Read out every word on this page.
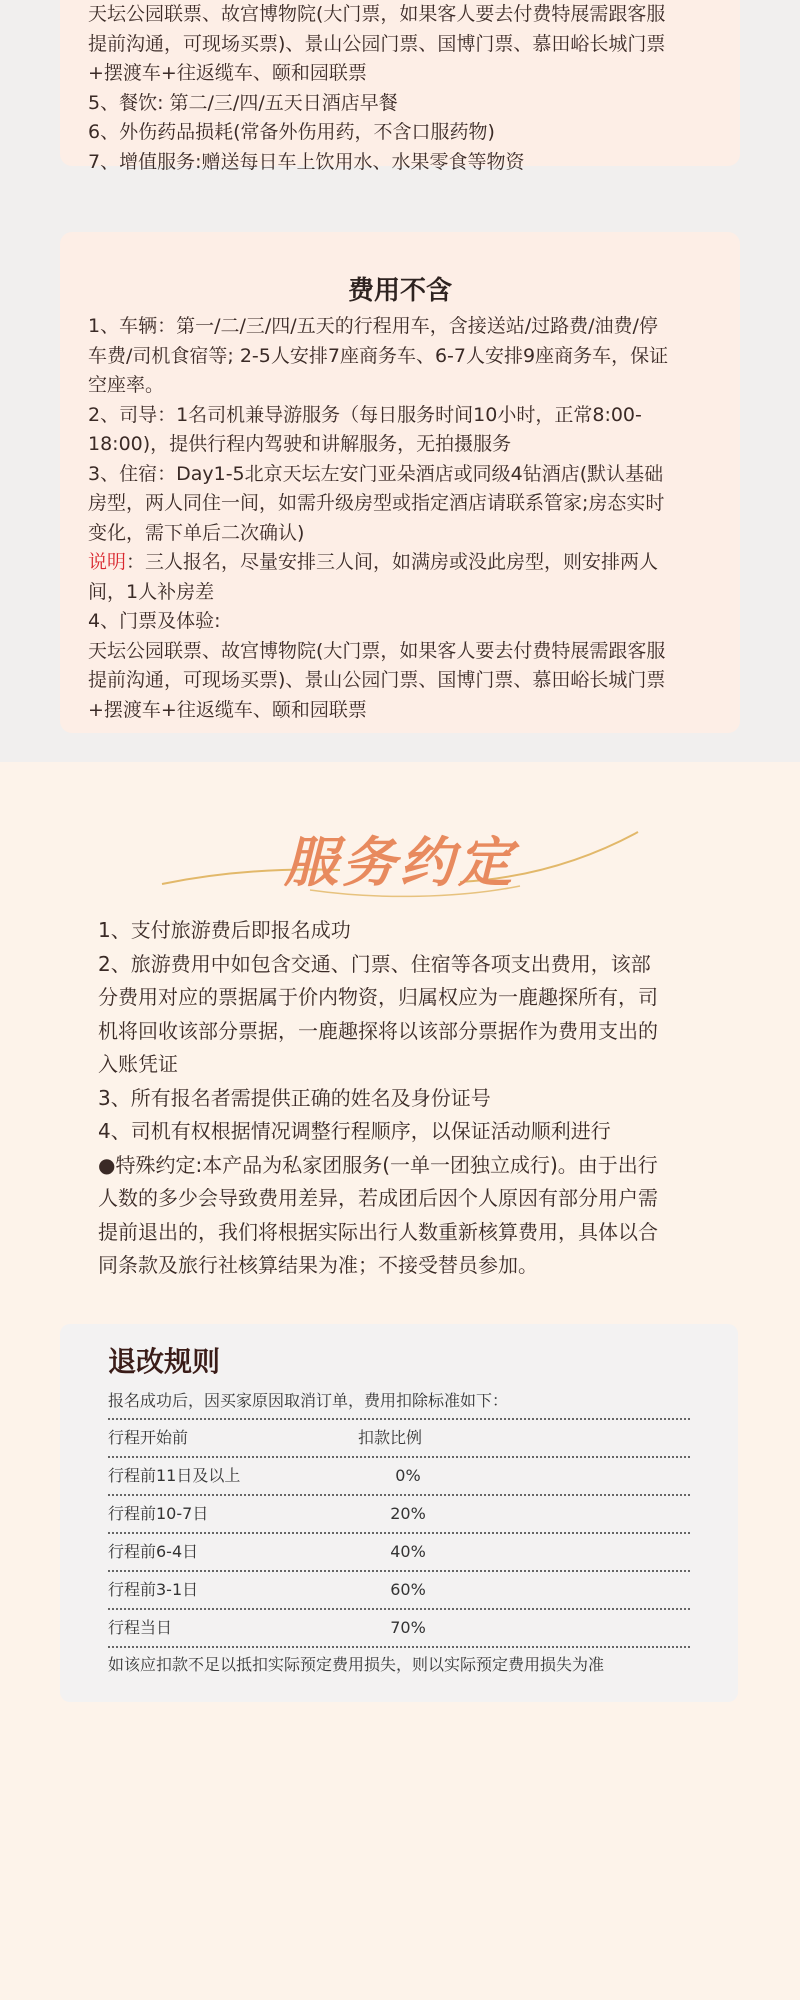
天坛公园联票、故宫博物院(大门票，如果客人要去付费特展需跟客服
提前沟通，可现场买票)、景山公园门票、国博门票、慕田峪长城门票
+摆渡车+往返缆车、颐和园联票
5、餐饮: 第二/三/四/五天日酒店早餐
6、外伤药品损耗(常备外伤用药，不含口服药物)
7、增值服务:赠送每日车上饮用水、水果零食等物资
费用不含
1、车辆：第一/二/三/四/五天的行程用车，含接送站/过路费/油费/停
车费/司机食宿等; 2-5人安排7座商务车、6-7人安排9座商务车，保证
空座率。
2、司导：1名司机兼导游服务（每日服务时间10小时，正常8:00-
18:00)，提供行程内驾驶和讲解服务，无拍摄服务
3、住宿：Day1-5北京天坛左安门亚朵酒店或同级4钻酒店(默认基础
房型，两人同住一间，如需升级房型或指定酒店请联系管家;房态实时
变化，需下单后二次确认)
说明：三人报名，尽量安排三人间，如满房或没此房型，则安排两人
间，1人补房差
4、门票及体验:
天坛公园联票、故宫博物院(大门票，如果客人要去付费特展需跟客服
提前沟通，可现场买票)、景山公园门票、国博门票、慕田峪长城门票
+摆渡车+往返缆车、颐和园联票
服务约定
1、支付旅游费后即报名成功
2、旅游费用中如包含交通、门票、住宿等各项支出费用，该部
分费用对应的票据属于价内物资，归属权应为一鹿趣探所有，司
机将回收该部分票据，一鹿趣探将以该部分票据作为费用支出的
入账凭证
3、所有报名者需提供正确的姓名及身份证号
4、司机有权根据情况调整行程顺序，以保证活动顺利进行
●特殊约定:本产品为私家团服务(一单一团独立成行)。由于出行
人数的多少会导致费用差异，若成团后因个人原因有部分用户需
提前退出的，我们将根据实际出行人数重新核算费用，具体以合
同条款及旅行社核算结果为准；不接受替员参加。
退改规则
报名成功后，因买家原因取消订单，费用扣除标准如下：
行程开始前	扣款比例
行程前11日及以上	0%
行程前10-7日	20%
行程前6-4日	40%
行程前3-1日	60%
行程当日	70%
如该应扣款不足以抵扣实际预定费用损失，则以实际预定费用损失为准
